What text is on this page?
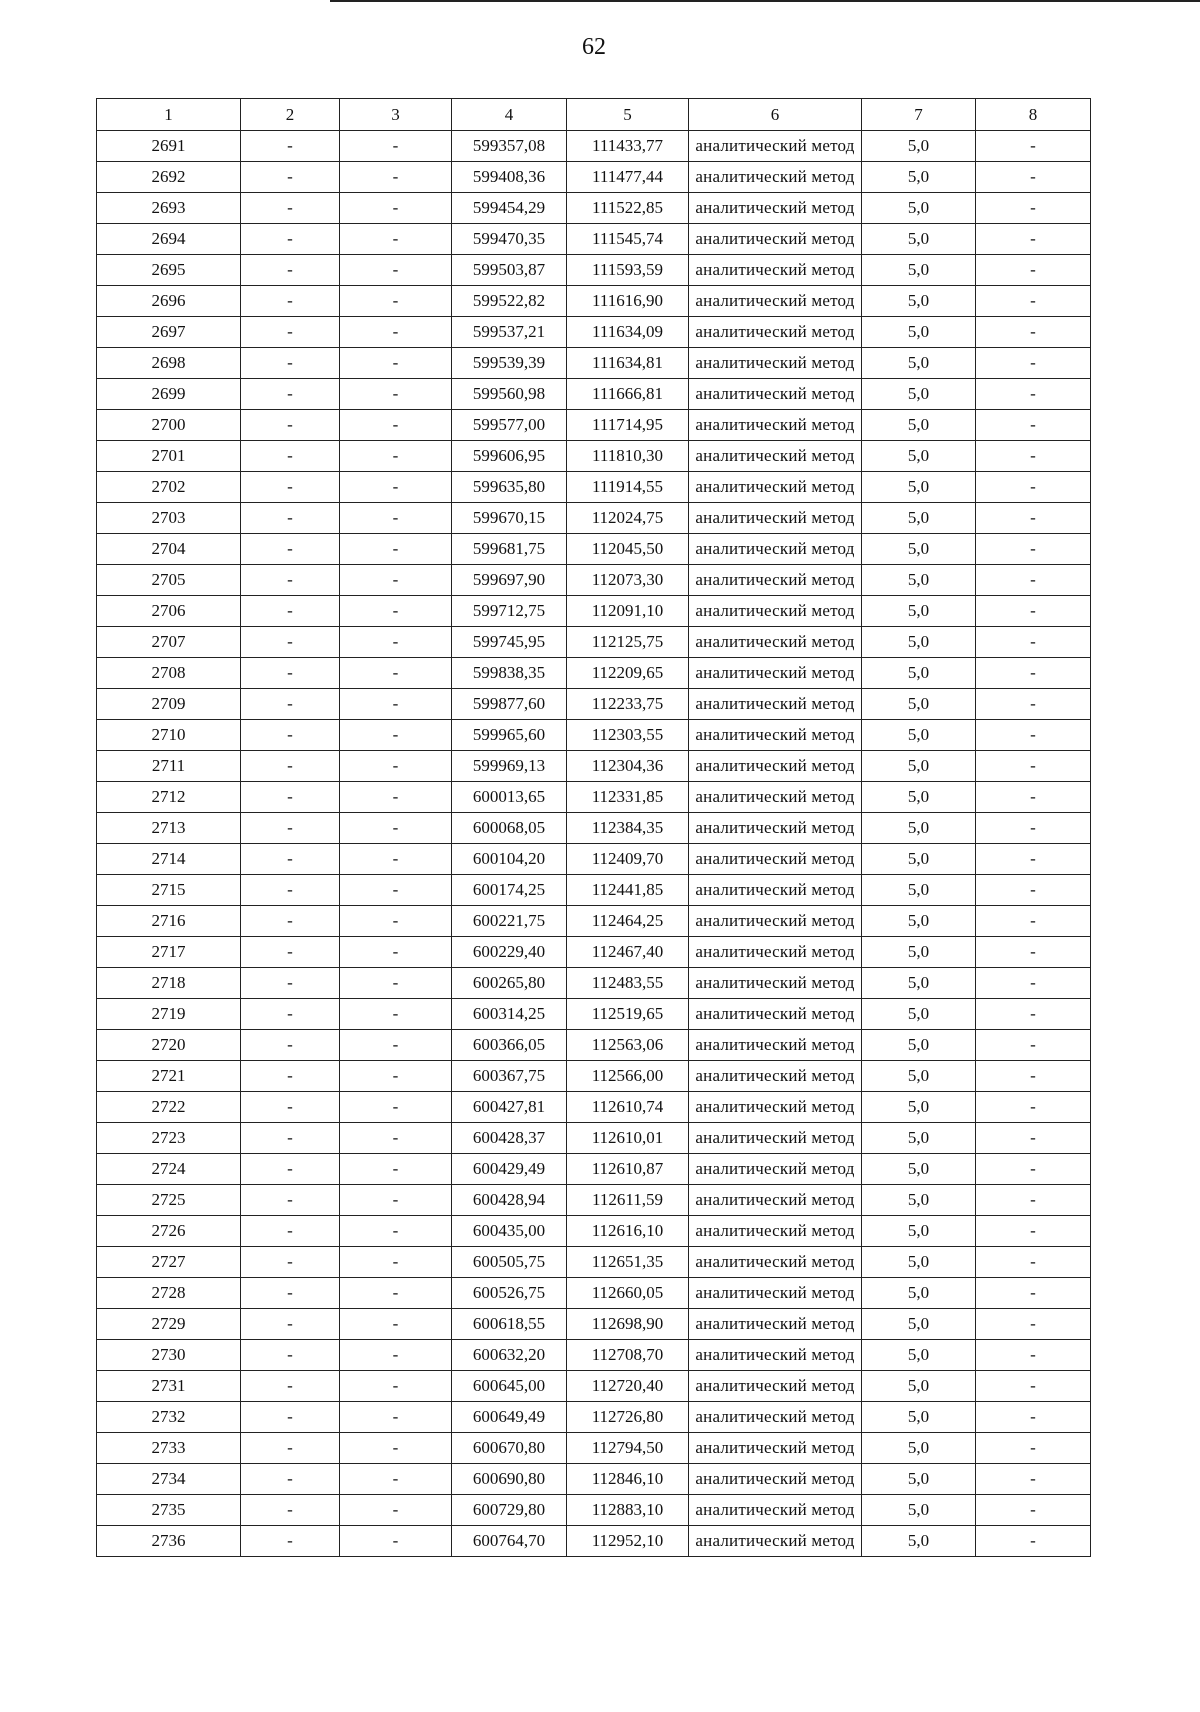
62
1	2	3	4	5	6	7	8
2691	-	-	599357,08	111433,77	аналитический метод	5,0	-
2692	-	-	599408,36	111477,44	аналитический метод	5,0	-
2693	-	-	599454,29	111522,85	аналитический метод	5,0	-
2694	-	-	599470,35	111545,74	аналитический метод	5,0	-
2695	-	-	599503,87	111593,59	аналитический метод	5,0	-
2696	-	-	599522,82	111616,90	аналитический метод	5,0	-
2697	-	-	599537,21	111634,09	аналитический метод	5,0	-
2698	-	-	599539,39	111634,81	аналитический метод	5,0	-
2699	-	-	599560,98	111666,81	аналитический метод	5,0	-
2700	-	-	599577,00	111714,95	аналитический метод	5,0	-
2701	-	-	599606,95	111810,30	аналитический метод	5,0	-
2702	-	-	599635,80	111914,55	аналитический метод	5,0	-
2703	-	-	599670,15	112024,75	аналитический метод	5,0	-
2704	-	-	599681,75	112045,50	аналитический метод	5,0	-
2705	-	-	599697,90	112073,30	аналитический метод	5,0	-
2706	-	-	599712,75	112091,10	аналитический метод	5,0	-
2707	-	-	599745,95	112125,75	аналитический метод	5,0	-
2708	-	-	599838,35	112209,65	аналитический метод	5,0	-
2709	-	-	599877,60	112233,75	аналитический метод	5,0	-
2710	-	-	599965,60	112303,55	аналитический метод	5,0	-
2711	-	-	599969,13	112304,36	аналитический метод	5,0	-
2712	-	-	600013,65	112331,85	аналитический метод	5,0	-
2713	-	-	600068,05	112384,35	аналитический метод	5,0	-
2714	-	-	600104,20	112409,70	аналитический метод	5,0	-
2715	-	-	600174,25	112441,85	аналитический метод	5,0	-
2716	-	-	600221,75	112464,25	аналитический метод	5,0	-
2717	-	-	600229,40	112467,40	аналитический метод	5,0	-
2718	-	-	600265,80	112483,55	аналитический метод	5,0	-
2719	-	-	600314,25	112519,65	аналитический метод	5,0	-
2720	-	-	600366,05	112563,06	аналитический метод	5,0	-
2721	-	-	600367,75	112566,00	аналитический метод	5,0	-
2722	-	-	600427,81	112610,74	аналитический метод	5,0	-
2723	-	-	600428,37	112610,01	аналитический метод	5,0	-
2724	-	-	600429,49	112610,87	аналитический метод	5,0	-
2725	-	-	600428,94	112611,59	аналитический метод	5,0	-
2726	-	-	600435,00	112616,10	аналитический метод	5,0	-
2727	-	-	600505,75	112651,35	аналитический метод	5,0	-
2728	-	-	600526,75	112660,05	аналитический метод	5,0	-
2729	-	-	600618,55	112698,90	аналитический метод	5,0	-
2730	-	-	600632,20	112708,70	аналитический метод	5,0	-
2731	-	-	600645,00	112720,40	аналитический метод	5,0	-
2732	-	-	600649,49	112726,80	аналитический метод	5,0	-
2733	-	-	600670,80	112794,50	аналитический метод	5,0	-
2734	-	-	600690,80	112846,10	аналитический метод	5,0	-
2735	-	-	600729,80	112883,10	аналитический метод	5,0	-
2736	-	-	600764,70	112952,10	аналитический метод	5,0	-
